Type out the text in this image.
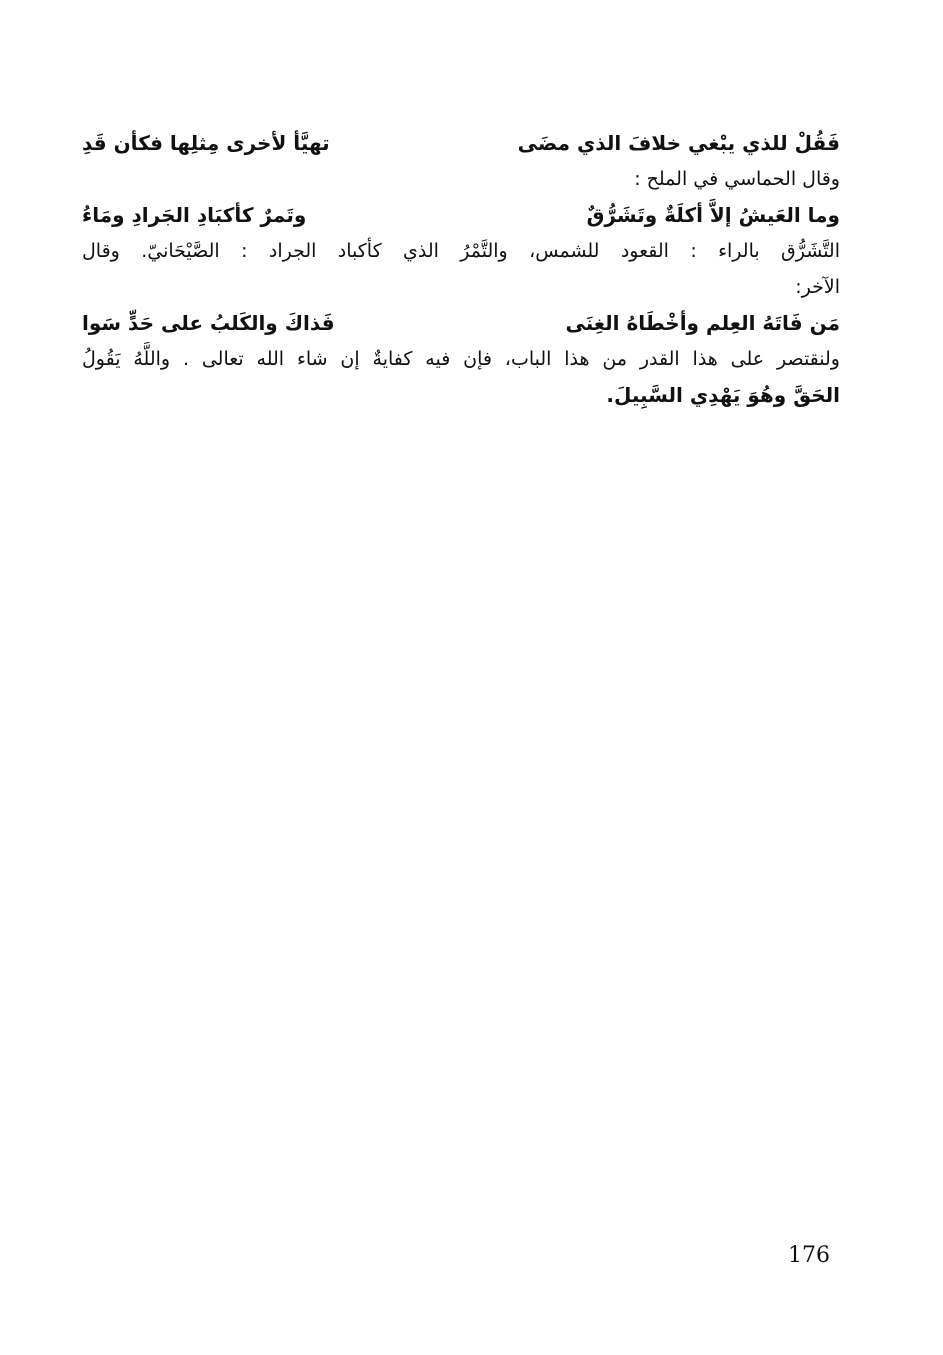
فَقُلْ للذي يبْغي خلافَ الذي مضَى
تهيَّأ لأخرى مِثلِها فكأن قَدِ
وقال الحماسي في الملح :
وما العَيشُ إلاَّ أكلَةٌ وتَشَرُّقٌ
وتَمرٌ كأكبَادِ الجَرادِ ومَاءُ
التَّشَرُّق بالراء : القعود للشمس، والتَّمْرُ الذي كأكباد الجراد : الصَّيْحَانيّ. وقال
الآخر:
مَن فَاتَهُ العِلم وأخْطَاهُ الغِنَى
فَذاكَ والكَلبُ على حَدٍّ سَوا
ولنقتصر على هذا القدر من هذا الباب، فإن فيه كفايةٌ إن شاء الله تعالى . واللَّهُ يَقُولُ
الحَقَّ وهُوَ يَهْدِي السَّبِيلَ.
176
